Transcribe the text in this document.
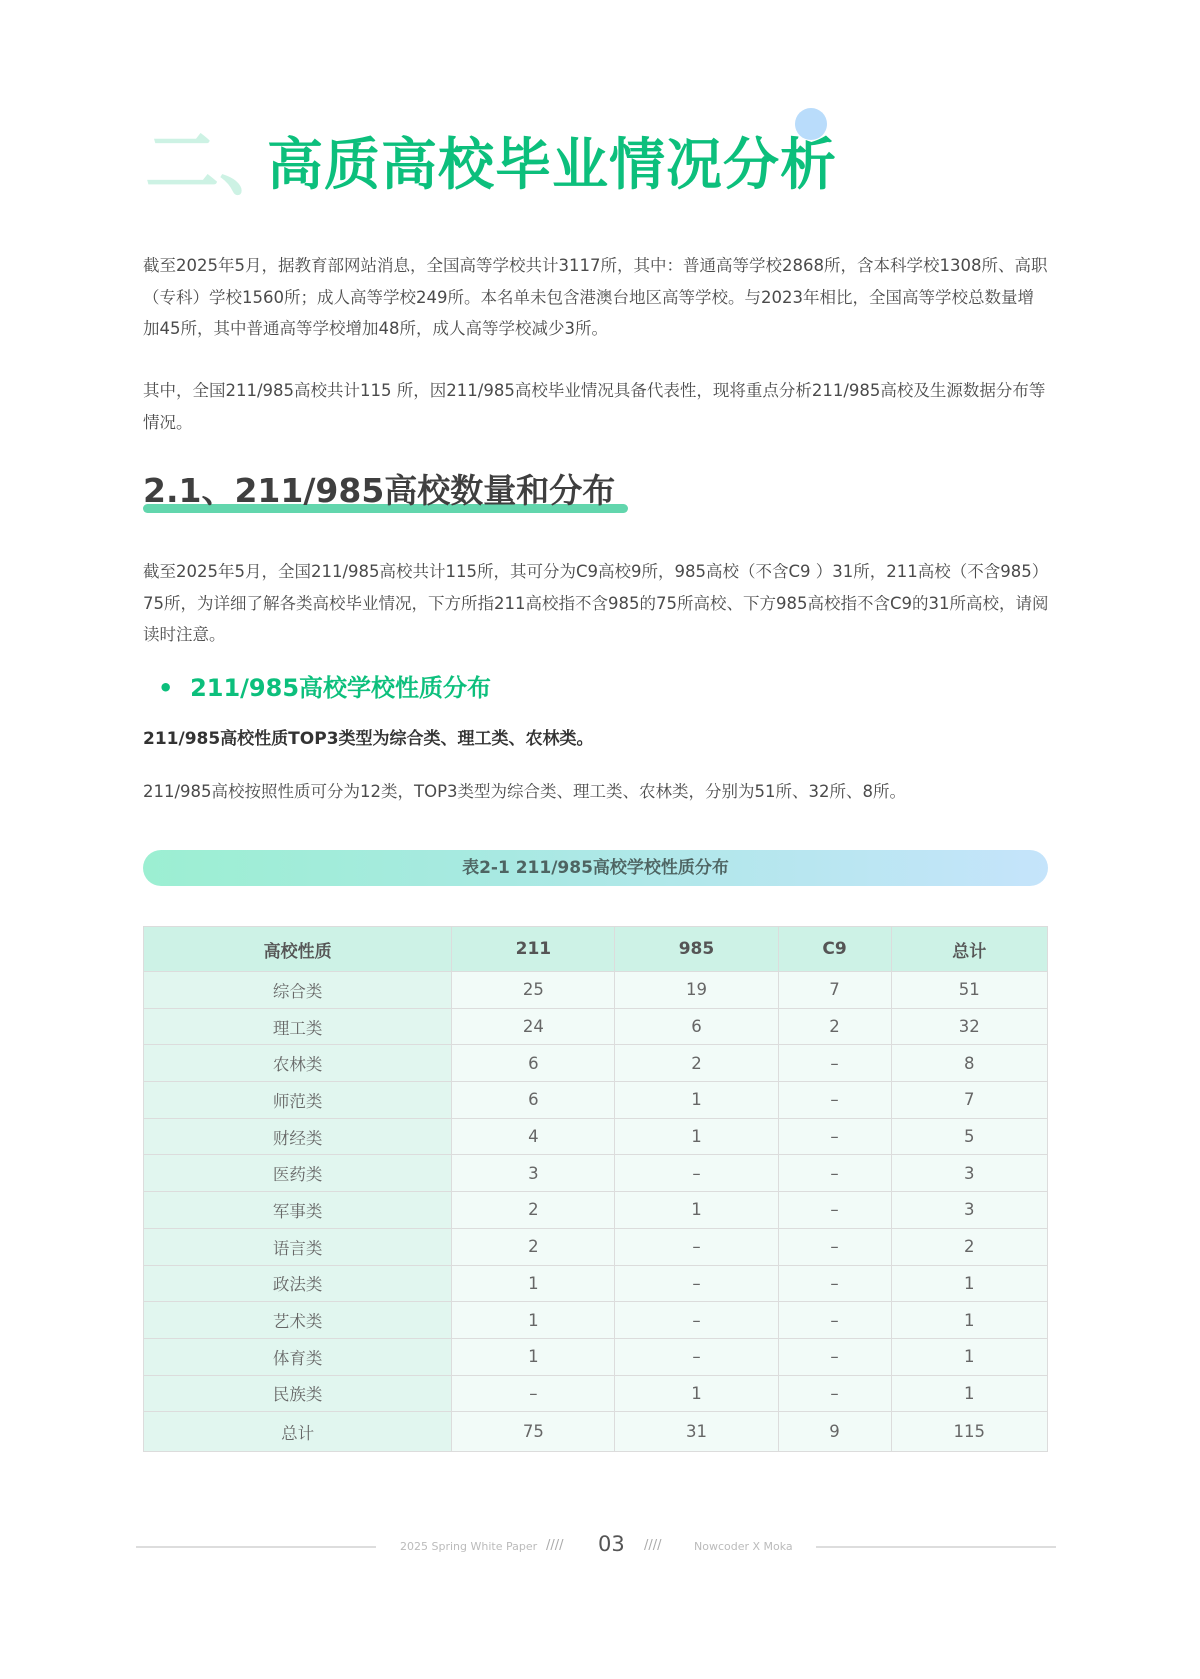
二、
高质高校毕业情况分析

截至2025年5月，据教育部网站消息，全国高等学校共计3117所，其中：普通高等学校2868所，含本科学校1308所、高职（专科）学校1560所；成人高等学校249所。本名单未包含港澳台地区高等学校。与2023年相比，全国高等学校总数量增加45所，其中普通高等学校增加48所，成人高等学校减少3所。

其中，全国211/985高校共计115 所，因211/985高校毕业情况具备代表性，现将重点分析211/985高校及生源数据分布等情况。

2.1、211/985高校数量和分布

截至2025年5月，全国211/985高校共计115所，其可分为C9高校9所，985高校（不含C9 ）31所，211高校（不含985）75所，为详细了解各类高校毕业情况，下方所指211高校指不含985的75所高校、下方985高校指不含C9的31所高校，请阅读时注意。

•  211/985高校学校性质分布

211/985高校性质TOP3类型为综合类、理工类、农林类。

211/985高校按照性质可分为12类，TOP3类型为综合类、理工类、农林类，分别为51所、32所、8所。

表2-1 211/985高校学校性质分布
高校性质	211	985	C9	总计
综合类	25	19	7	51
理工类	24	6	2	32
农林类	6	2	–	8
师范类	6	1	–	7
财经类	4	1	–	5
医药类	3	–	–	3
军事类	2	1	–	3
语言类	2	–	–	2
政法类	1	–	–	1
艺术类	1	–	–	1
体育类	1	–	–	1
民族类	–	1	–	1
总计	75	31	9	115
2025 Spring White Paper //// 03 ////	Nowcoder X Moka
